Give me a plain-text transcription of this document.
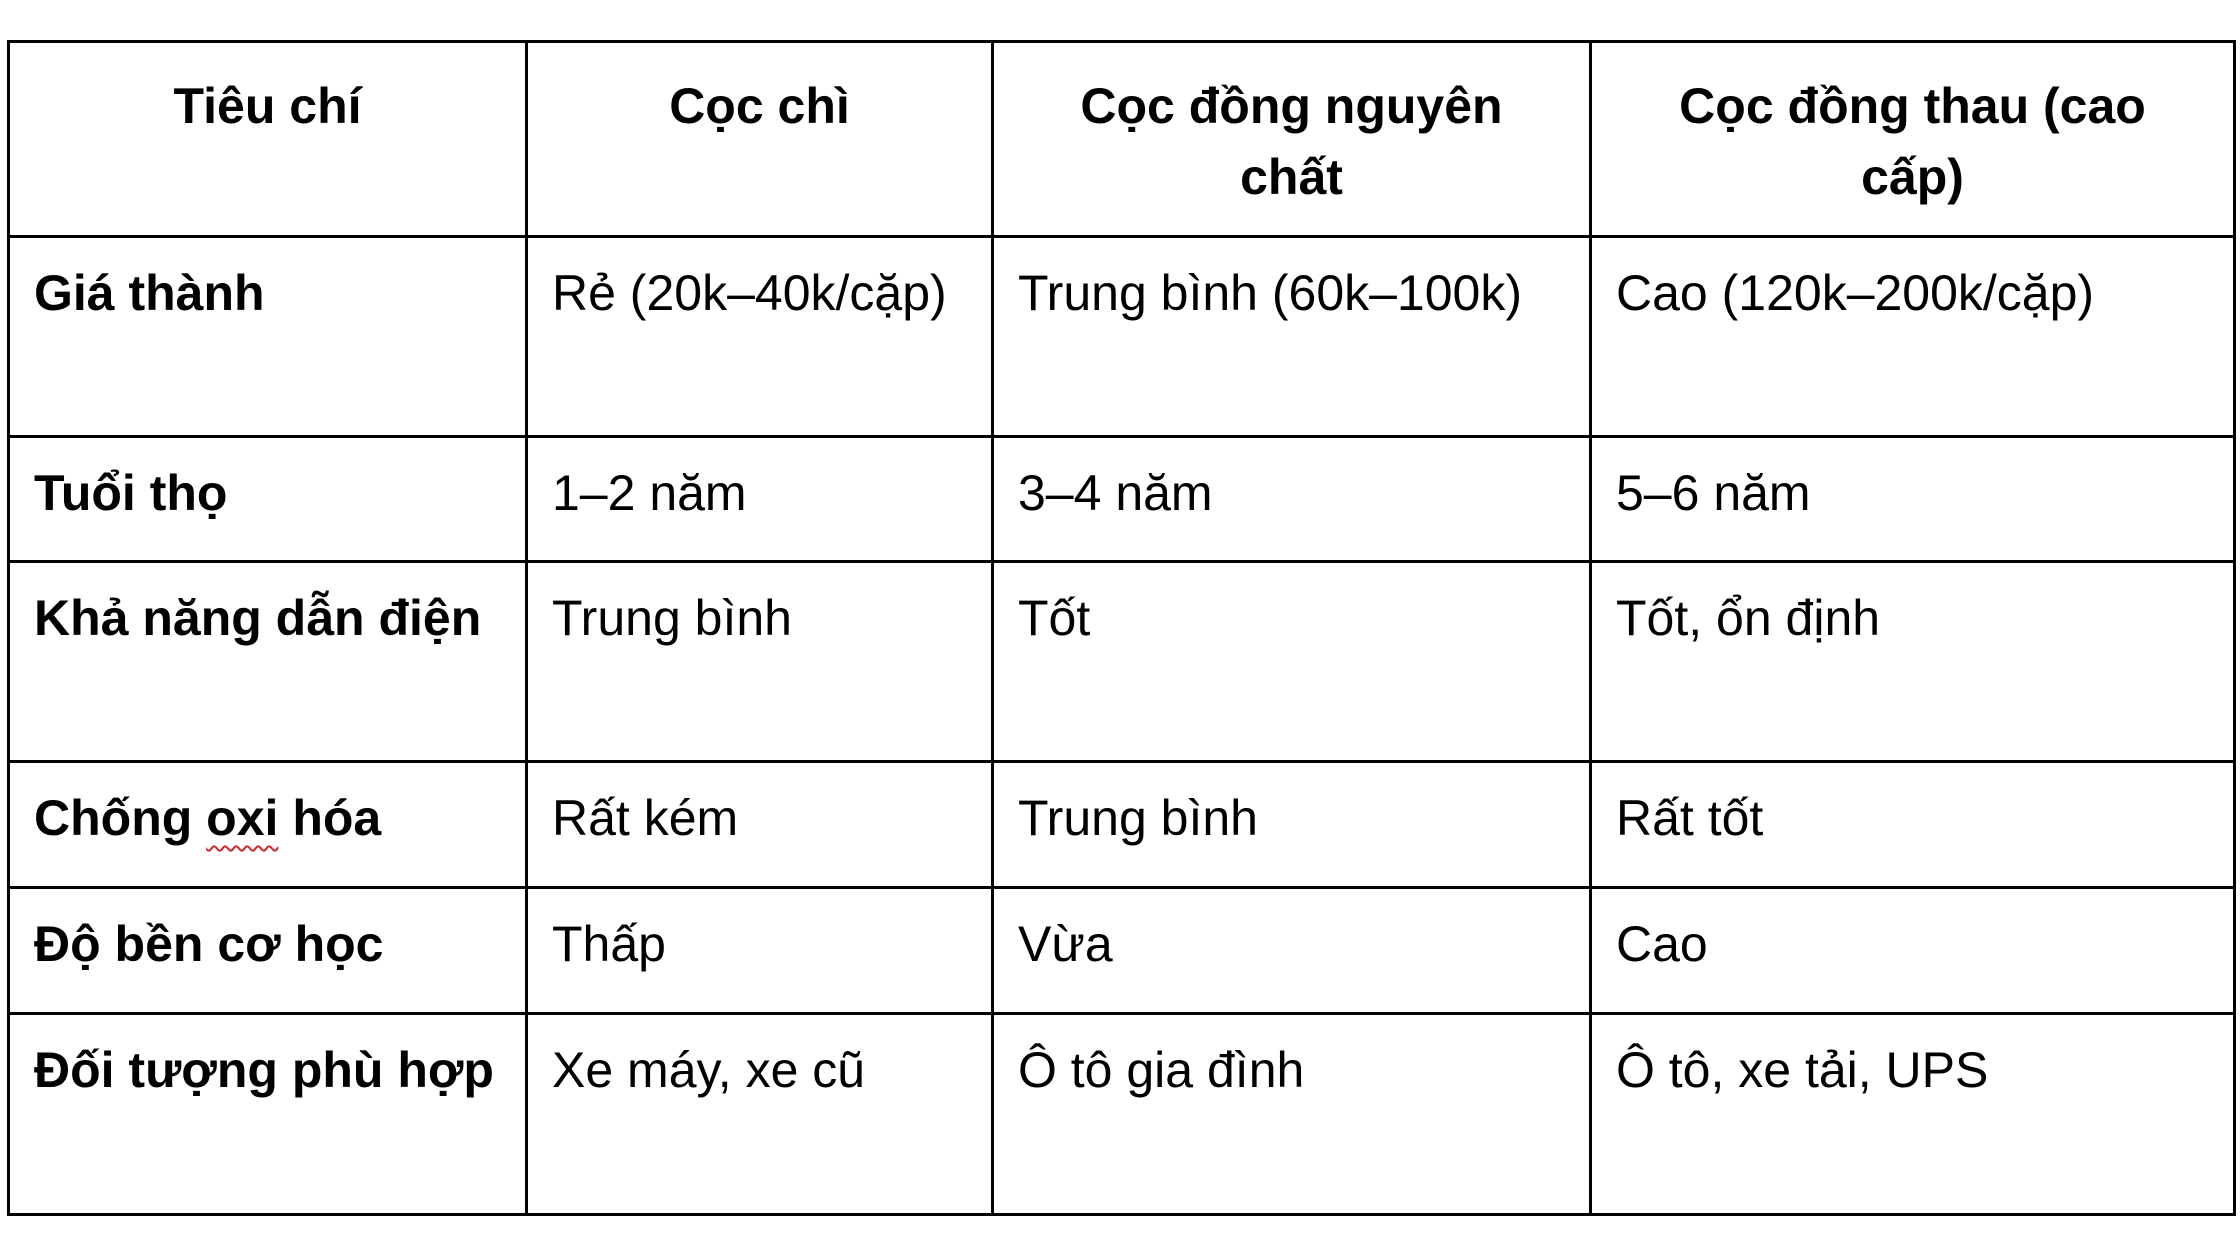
Tiêu chí	Cọc chì	Cọc đồng nguyên chất	Cọc đồng thau (cao cấp)
Giá thành	Rẻ (20k–40k/cặp)	Trung bình (60k–100k)	Cao (120k–200k/cặp)
Tuổi thọ	1–2 năm	3–4 năm	5–6 năm
Khả năng dẫn điện	Trung bình	Tốt	Tốt, ổn định
Chống oxi hóa	Rất kém	Trung bình	Rất tốt
Độ bền cơ học	Thấp	Vừa	Cao
Đối tượng phù hợp	Xe máy, xe cũ	Ô tô gia đình	Ô tô, xe tải, UPS
